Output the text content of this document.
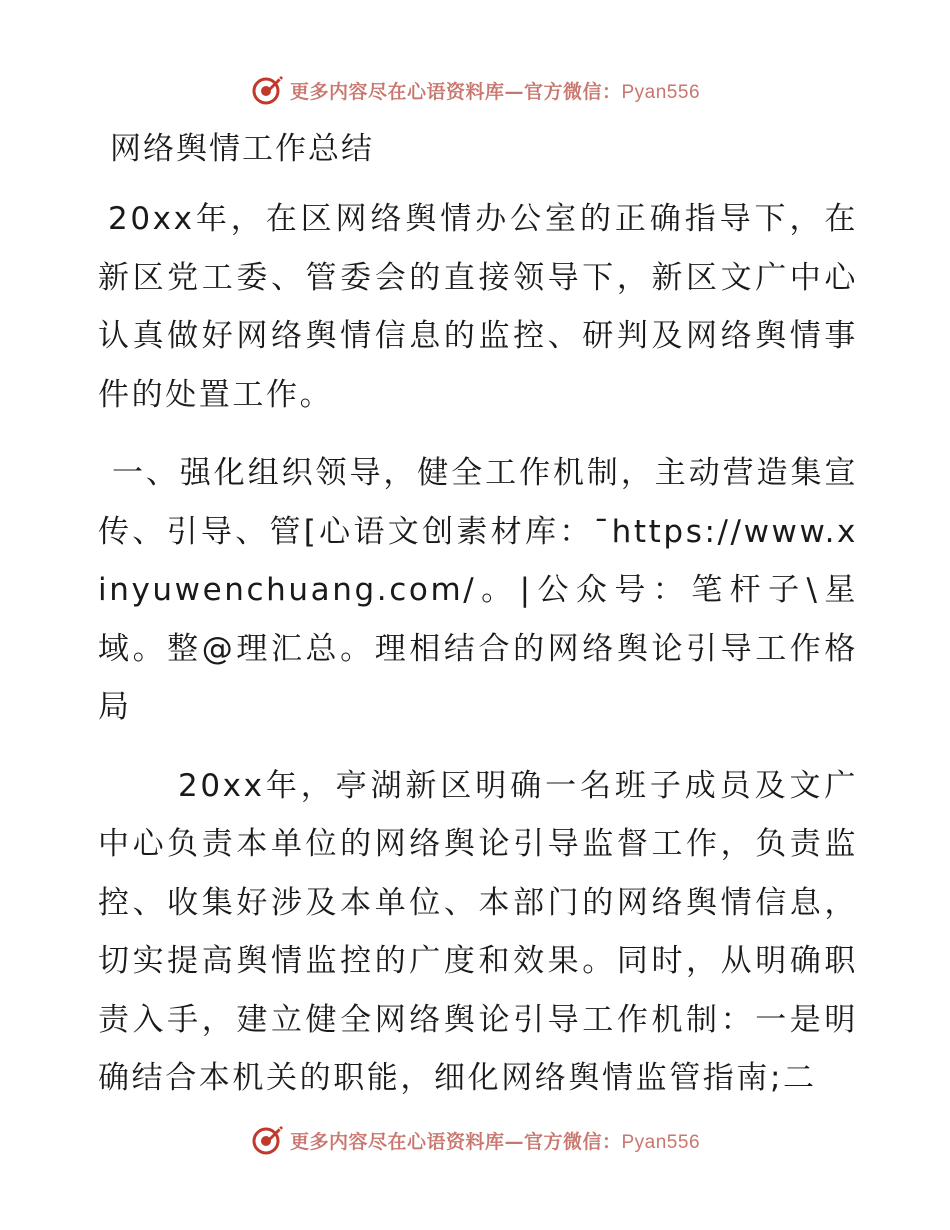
更多内容尽在心语资料库—官方微信：Pyan556
网络舆情工作总结

20xx年，在区网络舆情办公室的正确指导下，在新区党工委、管委会的直接领导下，新区文广中心认真做好网络舆情信息的监控、研判及网络舆情事件的处置工作。

一、强化组织领导，健全工作机制，主动营造集宣传、引导、管[心语文创素材库：¯https://www.xinyuwenchuang.com/。|公众号：笔杆子\星域。整@理汇总。理相结合的网络舆论引导工作格局

20xx年，亭湖新区明确一名班子成员及文广中心负责本单位的网络舆论引导监督工作，负责监控、收集好涉及本单位、本部门的网络舆情信息，切实提高舆情监控的广度和效果。同时，从明确职责入手，建立健全网络舆论引导工作机制：一是明确结合本机关的职能，细化网络舆情监管指南;二

更多内容尽在心语资料库—官方微信：Pyan556
